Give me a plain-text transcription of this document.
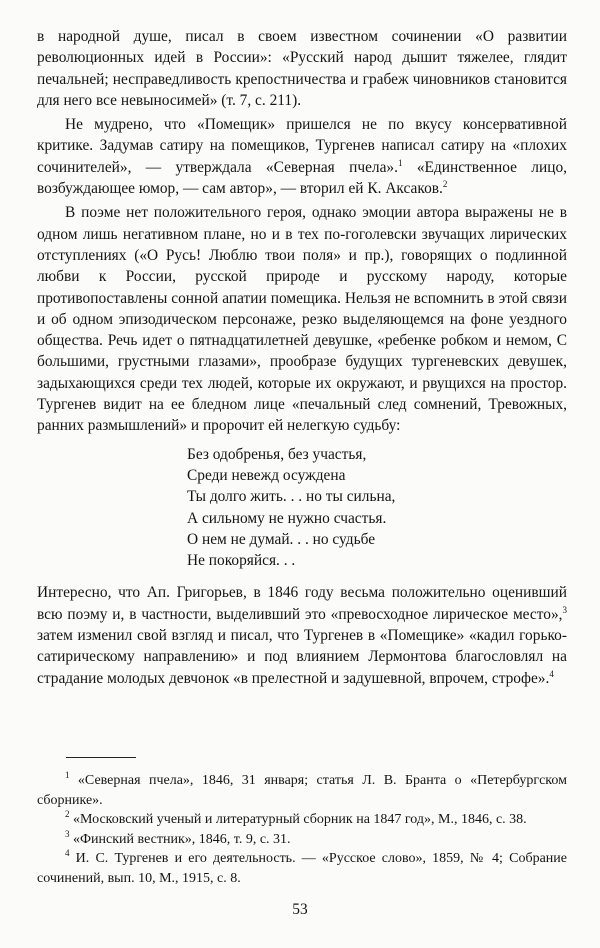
в народной душе, писал в своем известном сочинении «О развитии революционных идей в России»: «Русский народ дышит тяжелее, глядит печальней; несправедливость крепостничества и грабеж чиновников становится для него все невыносимей» (т. 7, с. 211).

Не мудрено, что «Помещик» пришелся не по вкусу консервативной критике. Задумав сатиру на помещиков, Тургенев написал сатиру на «плохих сочинителей», — утверждала «Северная пчела».$^1$ «Единственное лицо, возбуждающее юмор, — сам автор», — вторил ей К. Аксаков.$^2$

В поэме нет положительного героя, однако эмоции автора выражены не в одном лишь негативном плане, но и в тех по-гоголевски звучащих лирических отступлениях («О Русь! Люблю твои поля» и пр.), говорящих о подлинной любви к России, русской природе и русскому народу, которые противопоставлены сонной апатии помещика. Нельзя не вспомнить в этой связи и об одном эпизодическом персонаже, резко выделяющемся на фоне уездного общества. Речь идет о пятнадцатилетней девушке, «ребенке робком и немом, С большими, грустными глазами», прообразе будущих тургеневских девушек, задыхающихся среди тех людей, которые их окружают, и рвущихся на простор. Тургенев видит на ее бледном лице «печальный след сомнений, Тревожных, ранних размышлений» и пророчит ей нелегкую судьбу:

Без одобренья, без участья,
Среди невежд осуждена
Ты долго жить. . . но ты сильна,
А сильному не нужно счастья.
О нем не думай. . . но судьбе
Не покоряйся. . .

Интересно, что Ап. Григорьев, в 1846 году весьма положительно оценивший всю поэму и, в частности, выделивший это «превосходное лирическое место»,$^3$ затем изменил свой взгляд и писал, что Тургенев в «Помещике» «кадил горько-сатирическому направлению» и под влиянием Лермонтова благословлял на страдание молодых девчонок «в прелестной и задушевной, впрочем, строфе».$^4$

$^1$ «Северная пчела», 1846, 31 января; статья Л. В. Бранта о «Петербургском сборнике».

$^2$ «Московский ученый и литературный сборник на 1847 год», М., 1846, с. 38.

$^3$ «Финский вестник», 1846, т. 9, с. 31.

$^4$ И. С. Тургенев и его деятельность. — «Русское слово», 1859, № 4; Собрание сочинений, вып. 10, М., 1915, с. 8.

53
